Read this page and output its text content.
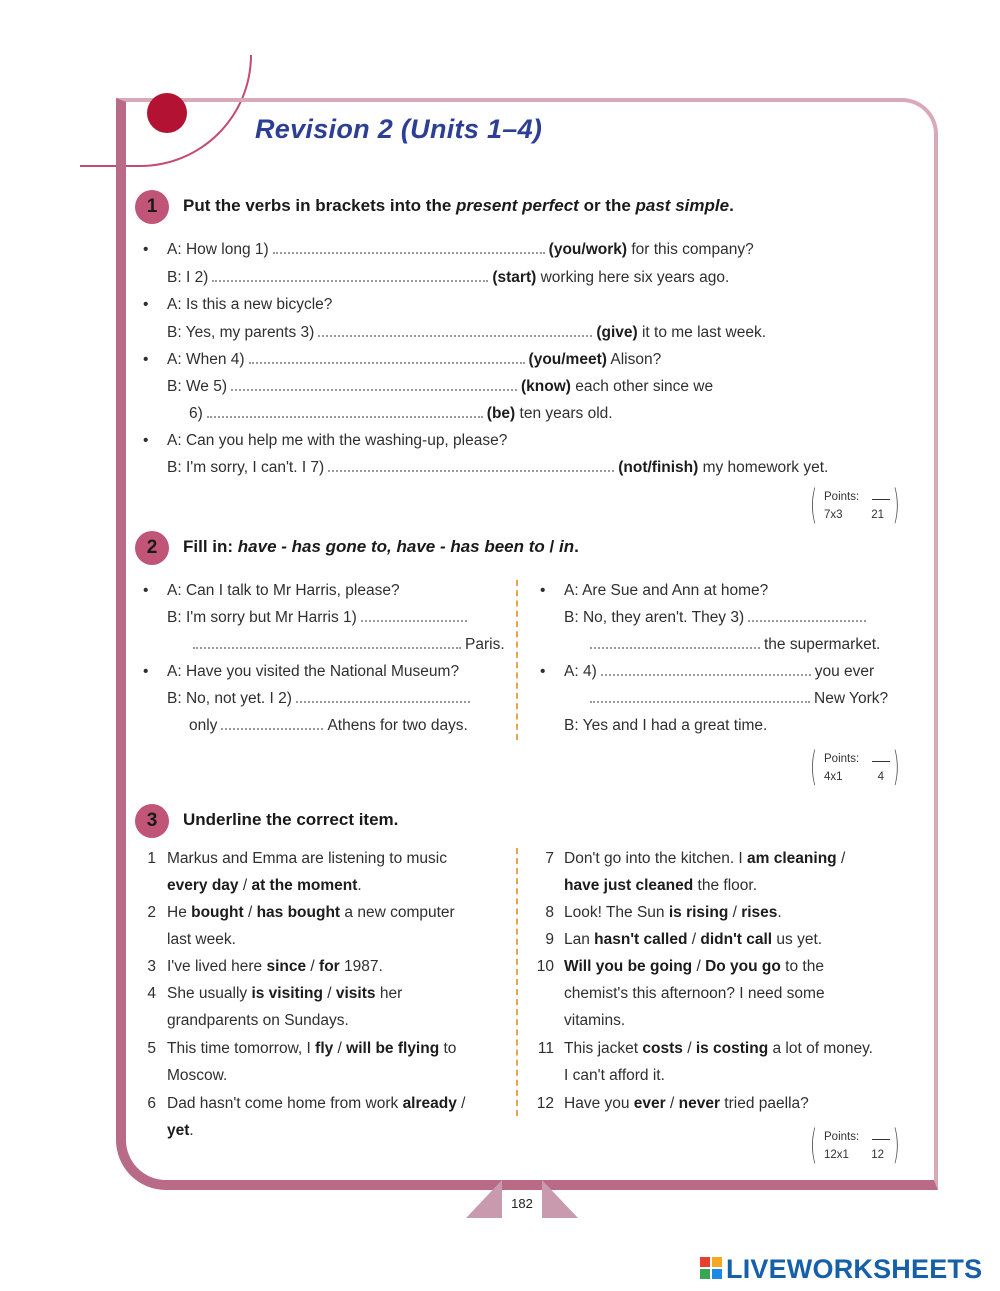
Revision 2 (Units 1–4)
1	Put the verbs in brackets into the present perfect or the past simple.
• A: How long 1)	(you/work) for this company?
B: I 2)	(start) working here six years ago.
• A: Is this a new bicycle?
B: Yes, my parents 3)	(give) it to me last week.
• A: When 4)	(you/meet) Alison?
B: We 5)	(know) each other since we
6)	(be) ten years old.
• A: Can you help me with the washing-up, please?
B: I'm sorry, I can't. I 7)	(not/finish) my homework yet.
( Points:
7x3 21 )
2	Fill in: have - has gone to, have - has been to / in.
• A: Can I talk to Mr Harris, please?
B: I'm sorry but Mr Harris 1)
Paris.
• A: Have you visited the National Museum?
B: No, not yet. I 2)
only	Athens for two days.
• A: Are Sue and Ann at home?
B: No, they aren't. They 3)
the supermarket.
• A: 4)	you ever
New York?
B: Yes and I had a great time.
( Points:
4x1	4 )
3	Underline the correct item.
1 Markus and Emma are listening to music
every day / at the moment.
2 He bought / has bought a new computer
last week.
3 I've lived here since / for 1987.
4 She usually is visiting / visits her
grandparents on Sundays.
5 This time tomorrow, I fly / will be flying to
Moscow.
6 Dad hasn't come home from work already /
yet.
7 Don't go into the kitchen. I am cleaning /
have just cleaned the floor.
8 Look! The Sun is rising / rises.
9 Lan hasn't called / didn't call us yet.
10 Will you be going / Do you go to the
chemist's this afternoon? I need some
vitamins.
11 This jacket costs / is costing a lot of money.
I can't afford it.
12 Have you ever / never tried paella?
( Points:
12x1 12 )
182
LIVEWORKSHEETS
